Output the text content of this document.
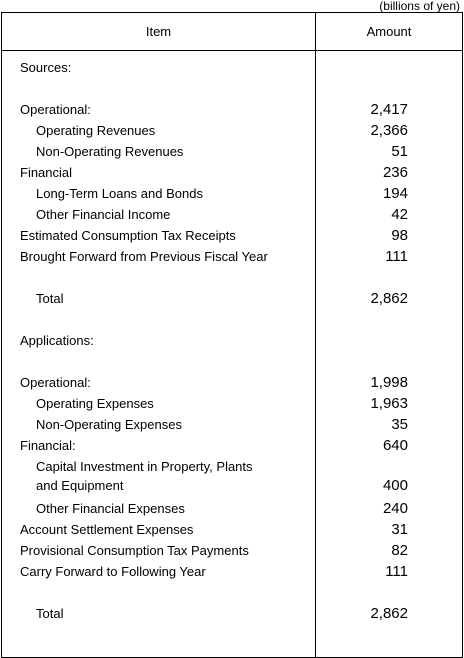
(billions of yen)
Item	Amount
Sources:
Operational:	2,417
Operating Revenues	2,366
Non-Operating Revenues	51
Financial	236
Long-Term Loans and Bonds	194
Other Financial Income	42
Estimated Consumption Tax Receipts	98
Brought Forward from Previous Fiscal Year	111
Total	2,862
Applications:
Operational:	1,998
Operating Expenses	1,963
Non-Operating Expenses	35
Financial:	640
Capital Investment in Property, Plants
and Equipment	400
Other Financial Expenses	240
Account Settlement Expenses	31
Provisional Consumption Tax Payments	82
Carry Forward to Following Year	111
Total	2,862
